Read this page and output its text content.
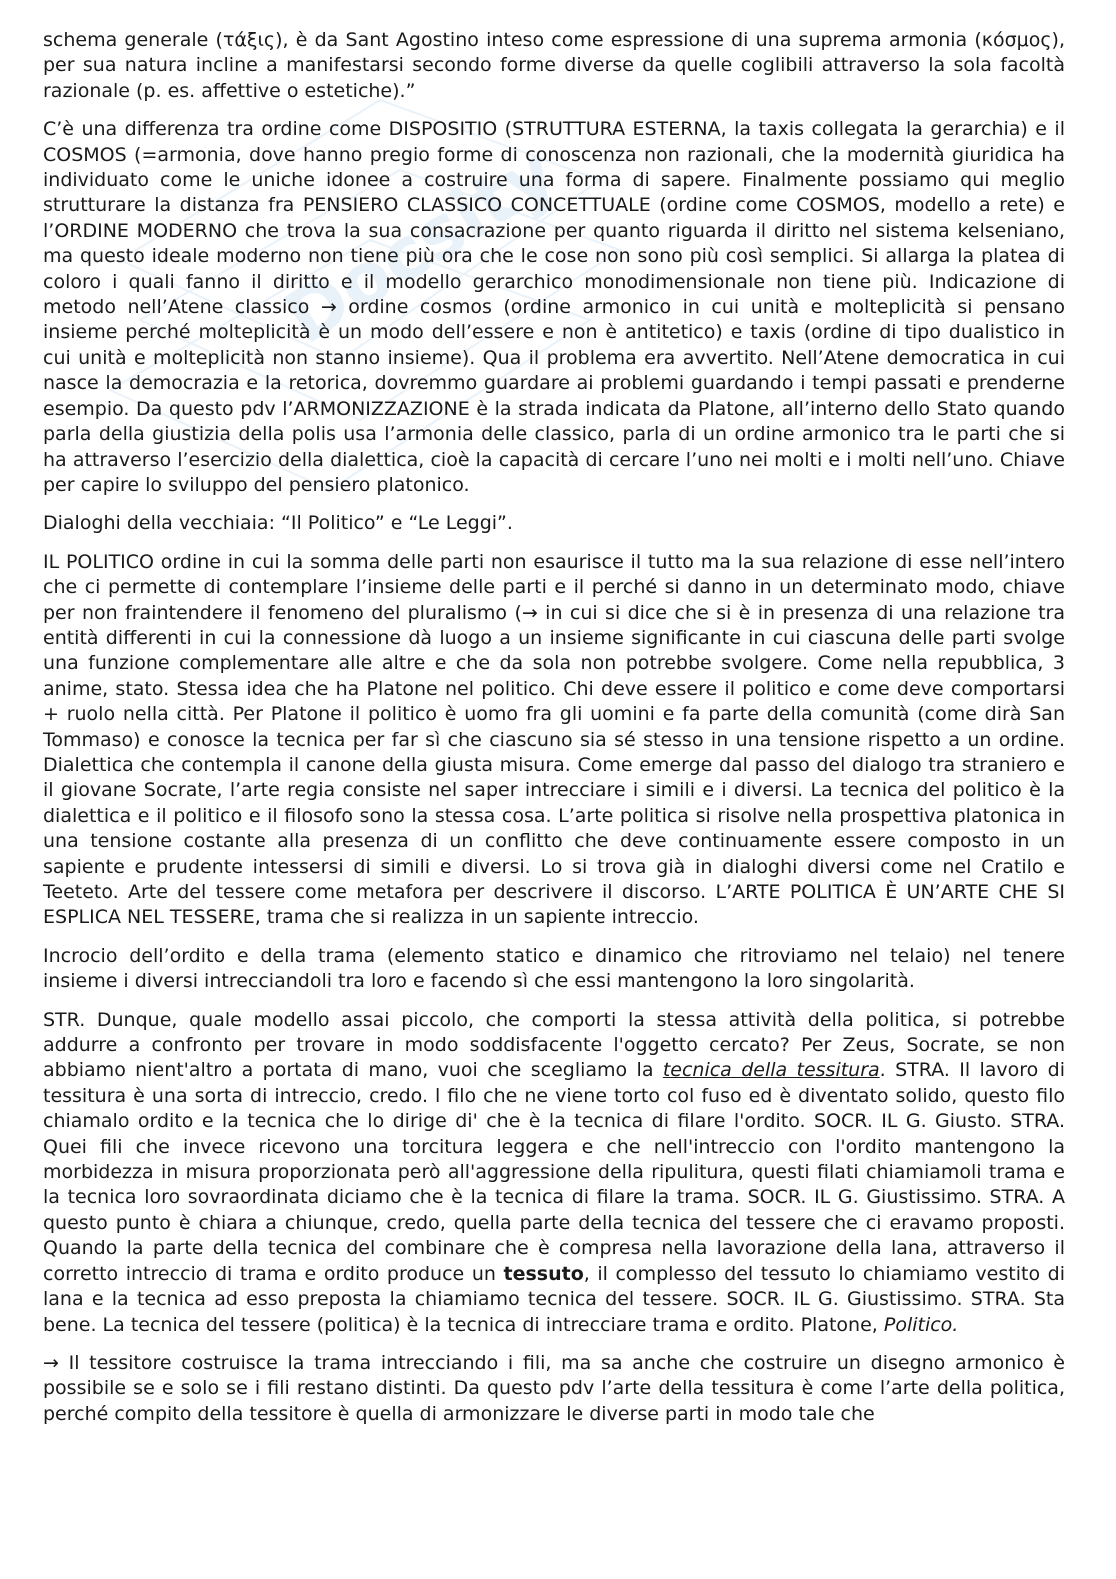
Docsity

schema generale (τάξις), è da Sant Agostino inteso come espressione di una suprema armonia (κόσμος), per sua natura incline a manifestarsi secondo forme diverse da quelle coglibili attraverso la sola facoltà razionale (p. es. affettive o estetiche).”

C’è una differenza tra ordine come DISPOSITIO (STRUTTURA ESTERNA, la taxis collegata la gerarchia) e il COSMOS (=armonia, dove hanno pregio forme di conoscenza non razionali, che la modernità giuridica ha individuato come le uniche idonee a costruire una forma di sapere. Finalmente possiamo qui meglio strutturare la distanza fra PENSIERO CLASSICO CONCETTUALE (ordine come COSMOS, modello a rete) e l’ORDINE MODERNO che trova la sua consacrazione per quanto riguarda il diritto nel sistema kelseniano, ma questo ideale moderno non tiene più ora che le cose non sono più così semplici. Si allarga la platea di coloro i quali fanno il diritto e il modello gerarchico monodimensionale non tiene più. Indicazione di metodo nell’Atene classico → ordine cosmos (ordine armonico in cui unità e molteplicità si pensano insieme perché molteplicità è un modo dell’essere e non è antitetico) e taxis (ordine di tipo dualistico in cui unità e molteplicità non stanno insieme). Qua il problema era avvertito. Nell’Atene democratica in cui nasce la democrazia e la retorica, dovremmo guardare ai problemi guardando i tempi passati e prenderne esempio. Da questo pdv l’ARMONIZZAZIONE è la strada indicata da Platone, all’interno dello Stato quando parla della giustizia della polis usa l’armonia delle classico, parla di un ordine armonico tra le parti che si ha attraverso l’esercizio della dialettica, cioè la capacità di cercare l’uno nei molti e i molti nell’uno. Chiave per capire lo sviluppo del pensiero platonico.

Dialoghi della vecchiaia: “Il Politico” e “Le Leggi”.

IL POLITICO ordine in cui la somma delle parti non esaurisce il tutto ma la sua relazione di esse nell’intero che ci permette di contemplare l’insieme delle parti e il perché si danno in un determinato modo, chiave per non fraintendere il fenomeno del pluralismo (→ in cui si dice che si è in presenza di una relazione tra entità differenti in cui la connessione dà luogo a un insieme significante in cui ciascuna delle parti svolge una funzione complementare alle altre e che da sola non potrebbe svolgere. Come nella repubblica, 3 anime, stato. Stessa idea che ha Platone nel politico. Chi deve essere il politico e come deve comportarsi + ruolo nella città. Per Platone il politico è uomo fra gli uomini e fa parte della comunità (come dirà San Tommaso) e conosce la tecnica per far sì che ciascuno sia sé stesso in una tensione rispetto a un ordine. Dialettica che contempla il canone della giusta misura. Come emerge dal passo del dialogo tra straniero e il giovane Socrate, l’arte regia consiste nel saper intrecciare i simili e i diversi. La tecnica del politico è la dialettica e il politico e il filosofo sono la stessa cosa. L’arte politica si risolve nella prospettiva platonica in una tensione costante alla presenza di un conflitto che deve continuamente essere composto in un sapiente e prudente intessersi di simili e diversi. Lo si trova già in dialoghi diversi come nel Cratilo e Teeteto. Arte del tessere come metafora per descrivere il discorso. L’ARTE POLITICA È UN’ARTE CHE SI ESPLICA NEL TESSERE, trama che si realizza in un sapiente intreccio.

Incrocio dell’ordito e della trama (elemento statico e dinamico che ritroviamo nel telaio) nel tenere insieme i diversi intrecciandoli tra loro e facendo sì che essi mantengono la loro singolarità.

STR. Dunque, quale modello assai piccolo, che comporti la stessa attività della politica, si potrebbe addurre a confronto per trovare in modo soddisfacente l'oggetto cercato? Per Zeus, Socrate, se non abbiamo nient'altro a portata di mano, vuoi che scegliamo la tecnica della tessitura. STRA. Il lavoro di tessitura è una sorta di intreccio, credo. l filo che ne viene torto col fuso ed è diventato solido, questo filo chiamalo ordito e la tecnica che lo dirige di' che è la tecnica di filare l'ordito. SOCR. IL G. Giusto. STRA. Quei fili che invece ricevono una torcitura leggera e che nell'intreccio con l'ordito mantengono la morbidezza in misura proporzionata però all'aggressione della ripulitura, questi filati chiamiamoli trama e la tecnica loro sovraordinata diciamo che è la tecnica di filare la trama. SOCR. IL G. Giustissimo. STRA. A questo punto è chiara a chiunque, credo, quella parte della tecnica del tessere che ci eravamo proposti. Quando la parte della tecnica del combinare che è compresa nella lavorazione della lana, attraverso il corretto intreccio di trama e ordito produce un tessuto, il complesso del tessuto lo chiamiamo vestito di lana e la tecnica ad esso preposta la chiamiamo tecnica del tessere. SOCR. IL G. Giustissimo. STRA. Sta bene. La tecnica del tessere (politica) è la tecnica di intrecciare trama e ordito. Platone, Politico.

→ Il tessitore costruisce la trama intrecciando i fili, ma sa anche che costruire un disegno armonico è possibile se e solo se i fili restano distinti. Da questo pdv l’arte della tessitura è come l’arte della politica, perché compito della tessitore è quella di armonizzare le diverse parti in modo tale che
